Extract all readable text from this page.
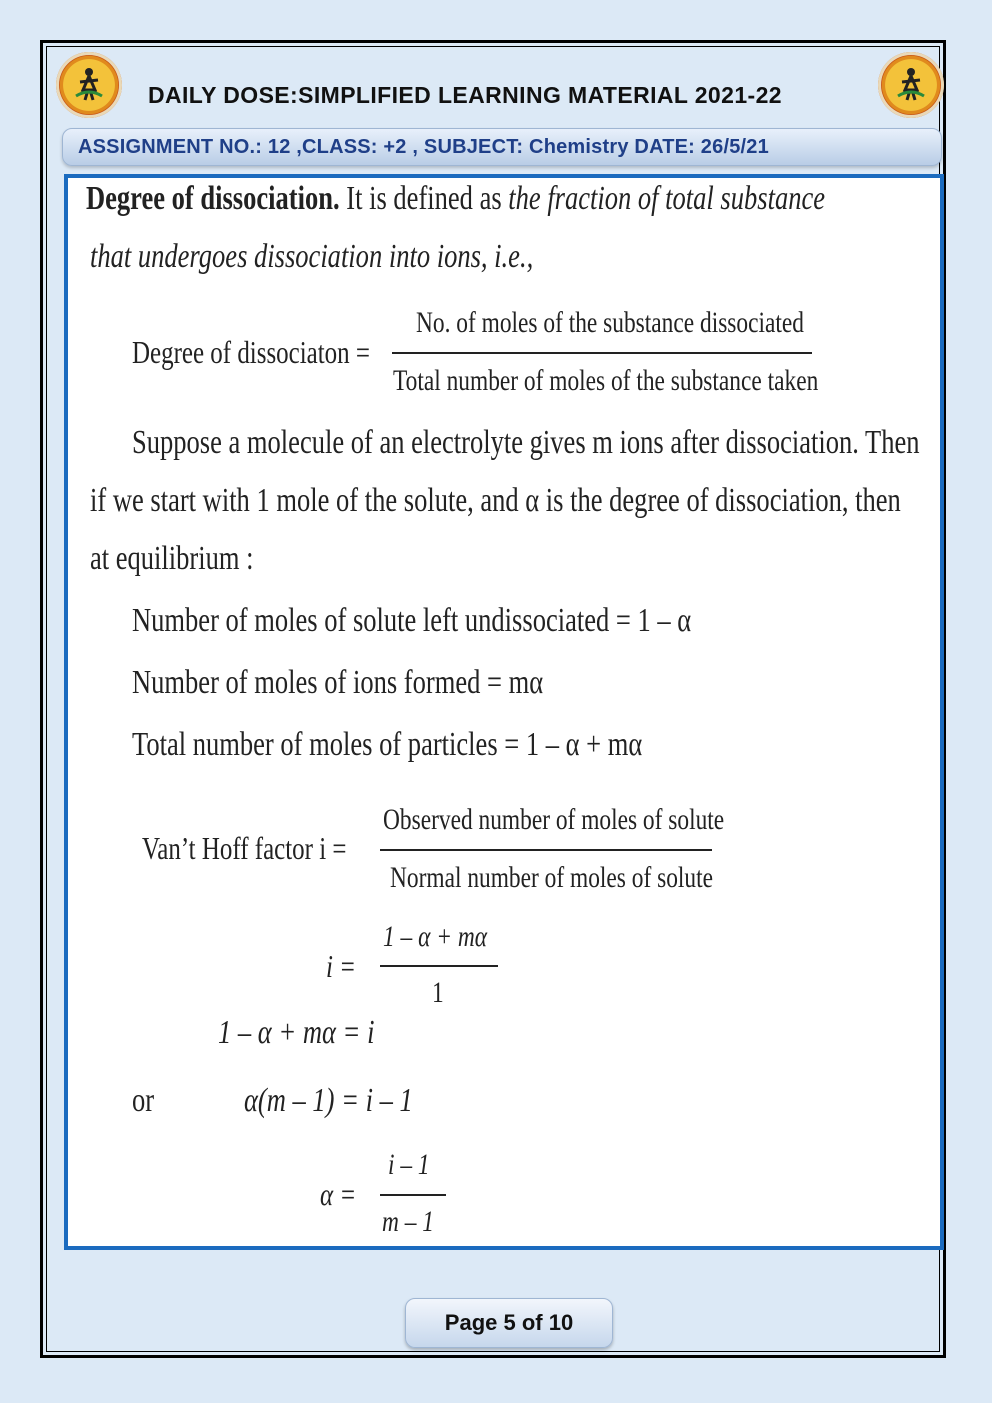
DAILY DOSE:SIMPLIFIED LEARNING MATERIAL 2021-22
ASSIGNMENT NO.: 12 ,CLASS: +2 , SUBJECT: Chemistry DATE: 26/5/21
Degree of dissociation. It is defined as the fraction of total substance
that undergoes dissociation into ions, i.e.,
Degree of dissociaton =
No. of moles of the substance dissociated
Total number of moles of the substance taken
Suppose a molecule of an electrolyte gives m ions after dissociation. Then
if we start with 1 mole of the solute, and α is the degree of dissociation, then
at equilibrium :
Number of moles of solute left undissociated = 1 – α
Number of moles of ions formed = mα
Total number of moles of particles = 1 – α + mα
Van’t Hoff factor i =
Observed number of moles of solute
Normal number of moles of solute
i =
1 – α + mα
1
1 – α + mα = i
or	α(m – 1) = i – 1
α =
i – 1
m – 1
Page 5 of 10
